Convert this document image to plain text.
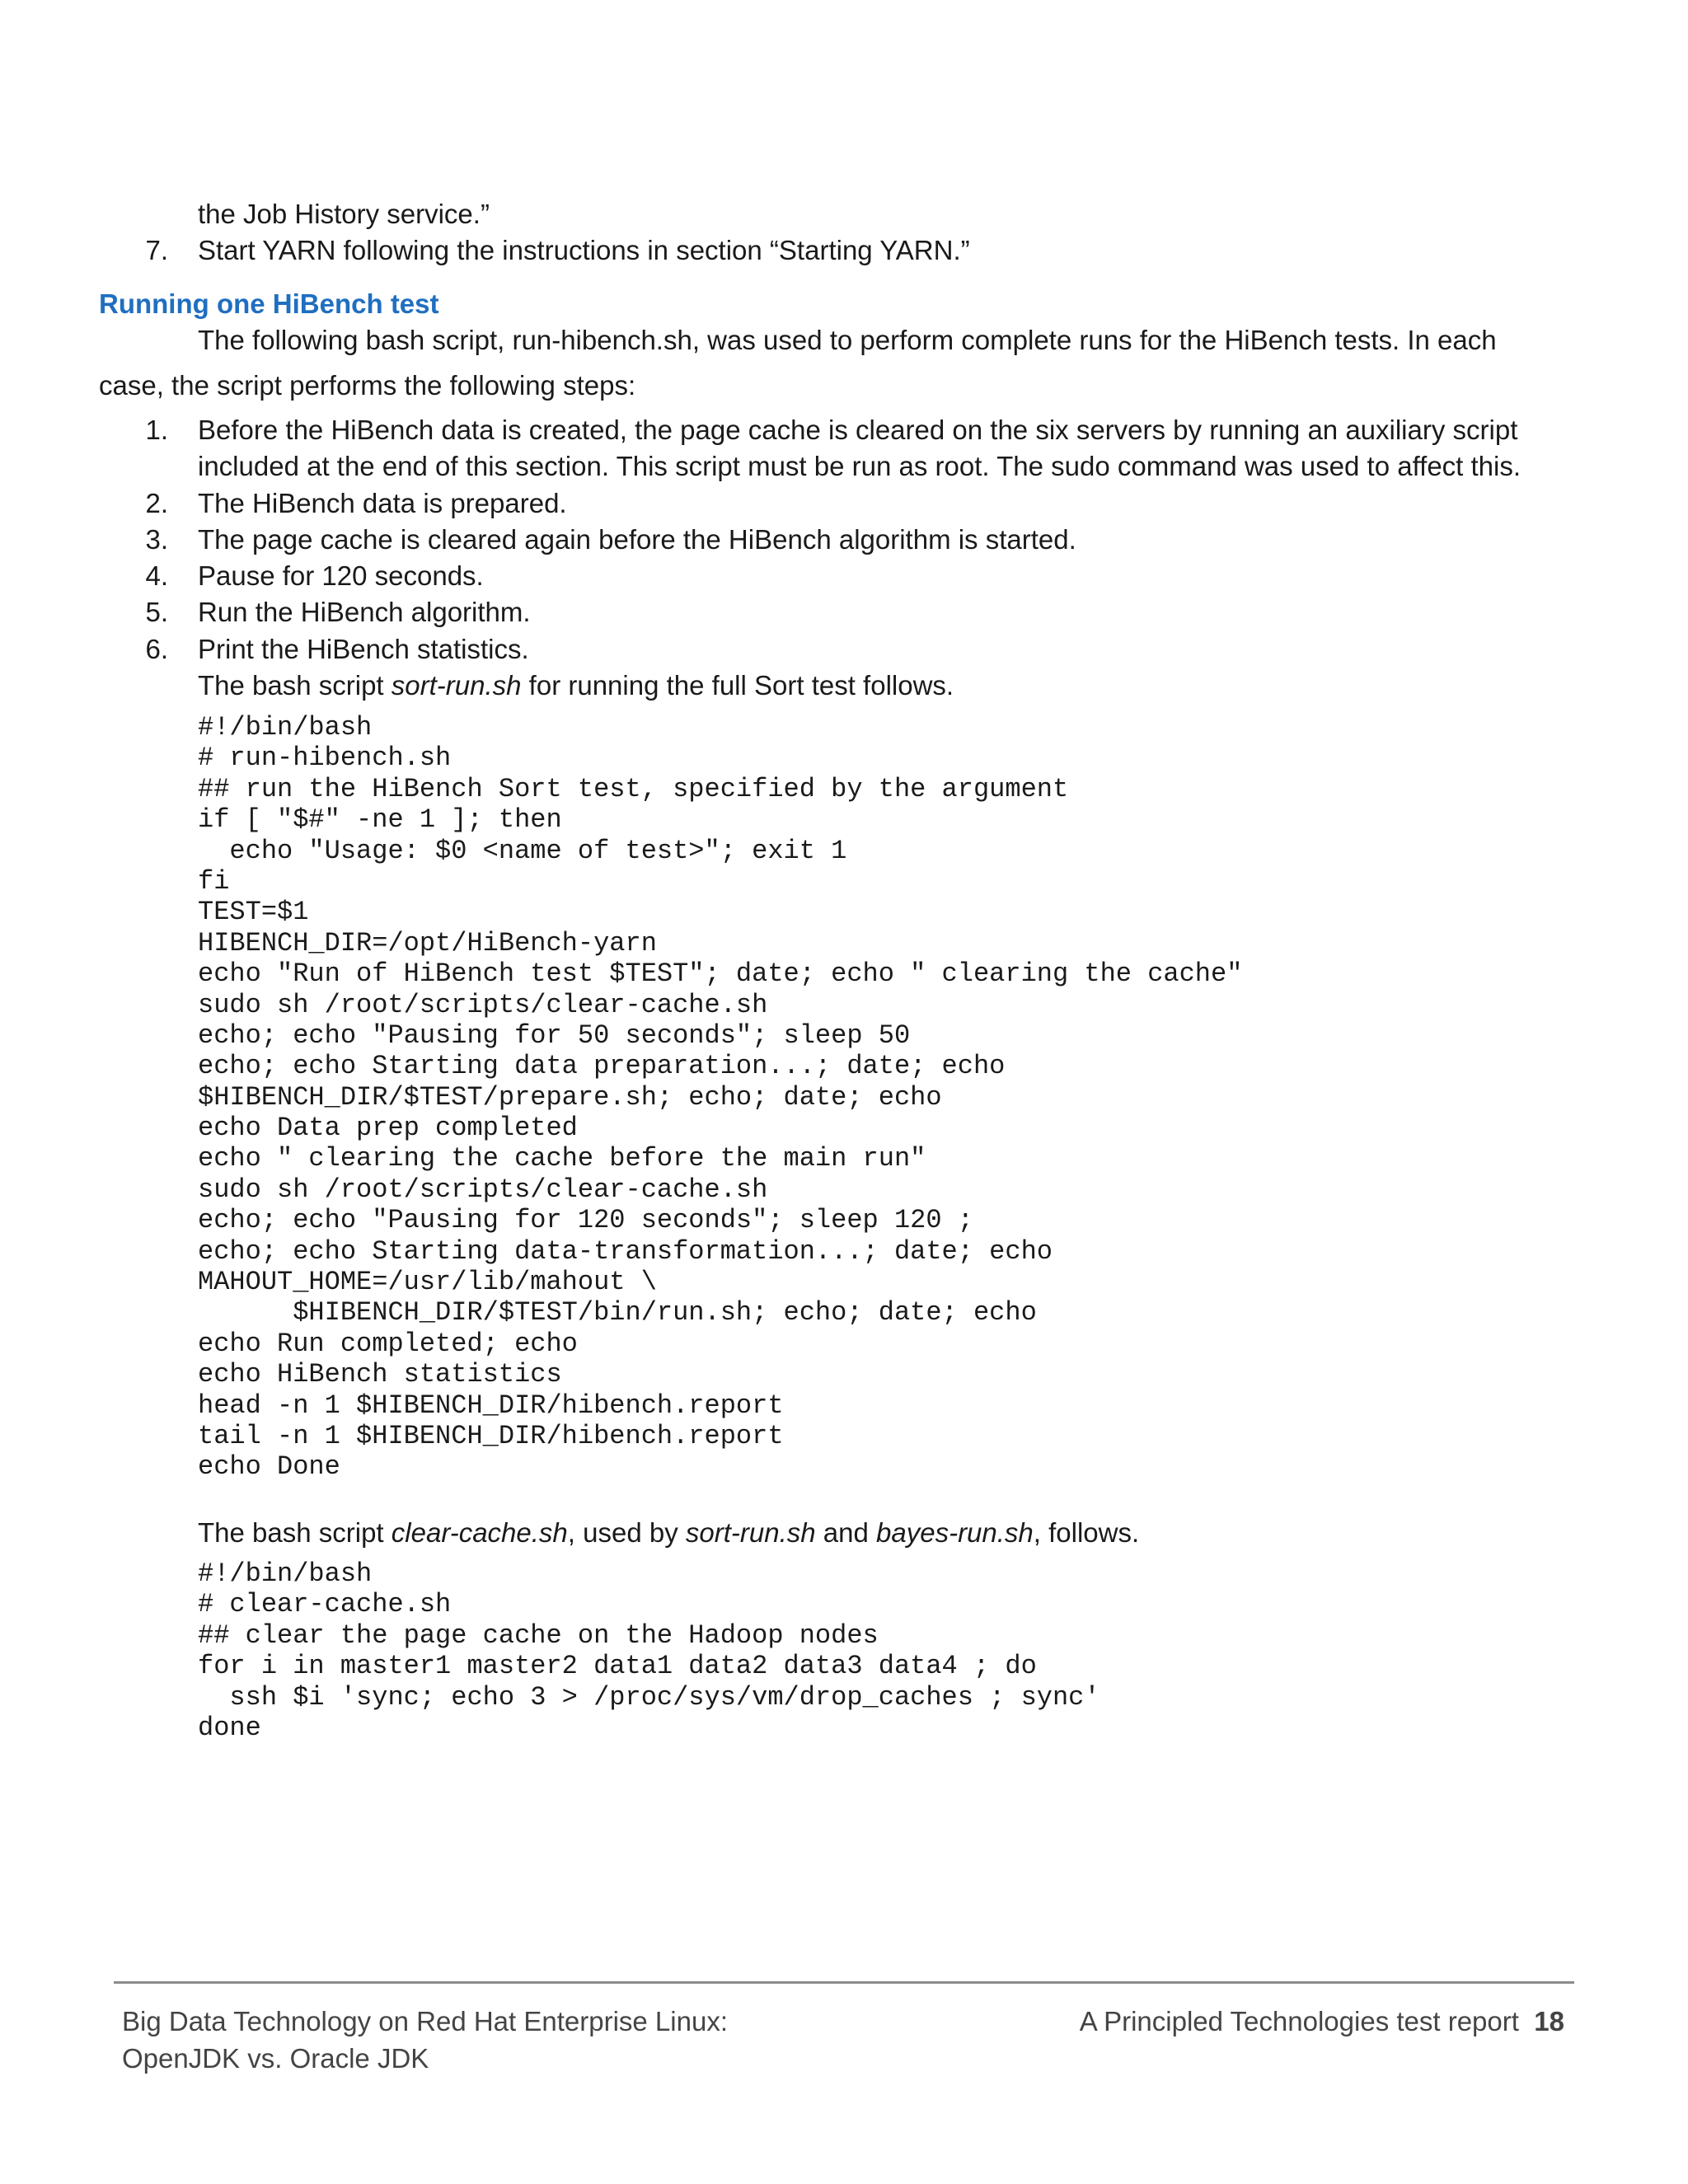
the Job History service.”
7. Start YARN following the instructions in section “Starting YARN.”
Running one HiBench test
The following bash script, run-hibench.sh, was used to perform complete runs for the HiBench tests. In each
case, the script performs the following steps:
1. Before the HiBench data is created, the page cache is cleared on the six servers by running an auxiliary script
included at the end of this section. This script must be run as root. The sudo command was used to affect this.
2. The HiBench data is prepared.
3. The page cache is cleared again before the HiBench algorithm is started.
4. Pause for 120 seconds.
5. Run the HiBench algorithm.
6. Print the HiBench statistics.
The bash script sort-run.sh for running the full Sort test follows.
#!/bin/bash
# run-hibench.sh
## run the HiBench Sort test, specified by the argument
if [ "$#" -ne 1 ]; then
echo "Usage: $0 <name of test>"; exit 1
fi
TEST=$1
HIBENCH_DIR=/opt/HiBench-yarn
echo "Run of HiBench test $TEST"; date; echo " clearing the cache"
sudo sh /root/scripts/clear-cache.sh
echo; echo "Pausing for 50 seconds"; sleep 50
echo; echo Starting data preparation...; date; echo
$HIBENCH_DIR/$TEST/prepare.sh; echo; date; echo
echo Data prep completed
echo " clearing the cache before the main run"
sudo sh /root/scripts/clear-cache.sh
echo; echo "Pausing for 120 seconds"; sleep 120 ;
echo; echo Starting data-transformation...; date; echo
MAHOUT_HOME=/usr/lib/mahout \
$HIBENCH_DIR/$TEST/bin/run.sh; echo; date; echo
echo Run completed; echo
echo HiBench statistics
head -n 1 $HIBENCH_DIR/hibench.report
tail -n 1 $HIBENCH_DIR/hibench.report
echo Done
The bash script clear-cache.sh, used by sort-run.sh and bayes-run.sh, follows.
#!/bin/bash
# clear-cache.sh
## clear the page cache on the Hadoop nodes
for i in master1 master2 data1 data2 data3 data4 ; do
ssh $i 'sync; echo 3 > /proc/sys/vm/drop_caches ; sync'
done
Big Data Technology on Red Hat Enterprise Linux:
OpenJDK vs. Oracle JDK
A Principled Technologies test report 18
